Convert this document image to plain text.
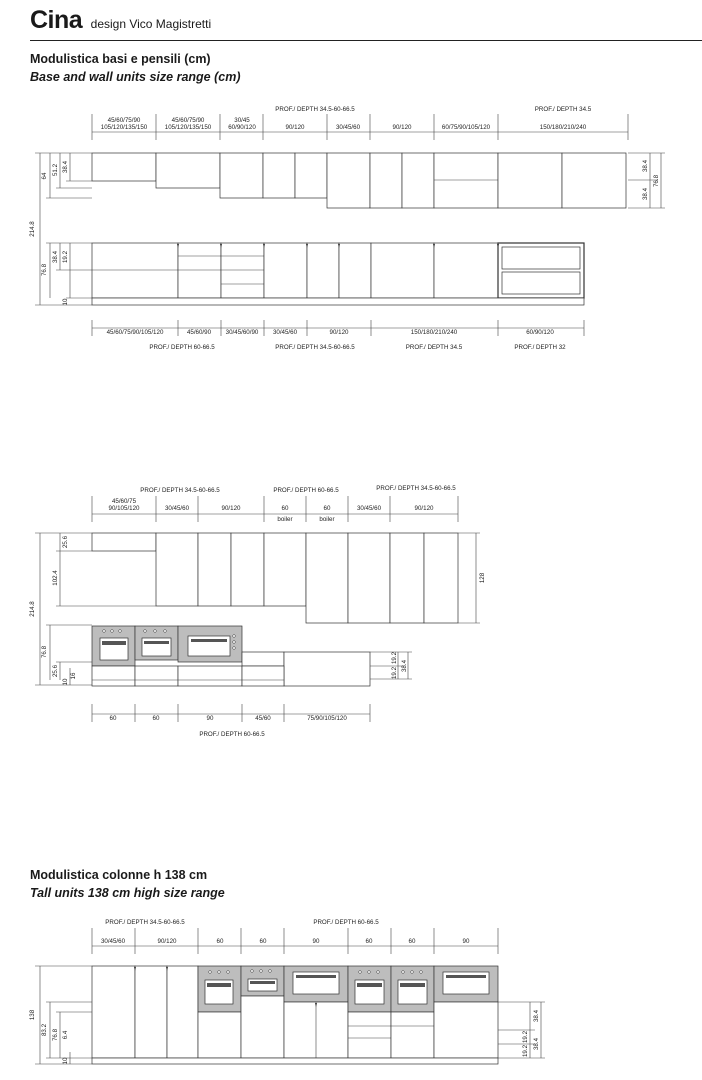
Cina design Vico Magistretti
Modulistica basi e pensili (cm)
Base and wall units size range (cm)
PROF./ DEPTH 34.5-60-66.5	PROF./ DEPTH 34.5
45/60/75/90
105/120/135/150
45/60/75/90
105/120/135/150
30/45
60/90/120	90/120	30/45/60	90/120	60/75/90/105/120	150/180/210/240
214.8
64 51.2 38.4
76.8
38.4 19.2
10
38.4
38.4
76.8
45/60/75/90/105/120	45/60/90 30/45/60/90 30/45/60	90/120	150/180/210/240	60/90/120
PROF./ DEPTH 60-66.5	PROF./ DEPTH 34.5-60-66.5	PROF./ DEPTH 34.5	PROF./ DEPTH 32
PROF./ DEPTH 34.5-60-66.5	PROF./ DEPTH 60-66.5	PROF./ DEPTH 34.5-60-66.5
45/60/75
90/105/120	30/45/60	90/120	60
boiler
60
boiler
30/45/60	90/120
214.8
25.6
102.4
76.8
25.6
10
16
128
19.2
19.2
38.4
60	60	90	45/60	75/90/105/120
PROF./ DEPTH 60-66.5
Modulistica colonne h 138 cm
Tall units 138 cm high size range
PROF./ DEPTH 34.5-60-66.5	PROF./ DEPTH 60-66.5
30/45/60	90/120	60	60	90	60	60	90
138
83.2 76.8 6.4
10
38.4
19.2
19.2
38.4
